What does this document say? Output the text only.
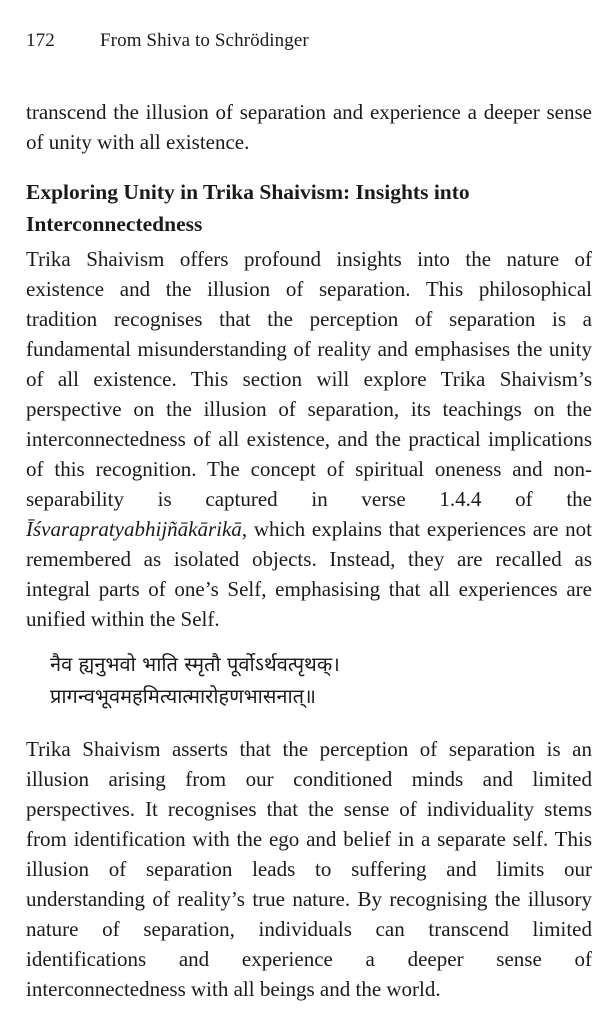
172 From Shiva to Schrödinger

transcend the illusion of separation and experience a deeper sense of unity with all existence.

Exploring Unity in Trika Shaivism: Insights into Interconnectedness

Trika Shaivism offers profound insights into the nature of existence and the illusion of separation. This philosophical tradition recognises that the perception of separation is a fundamental misunderstanding of reality and emphasises the unity of all existence. This section will explore Trika Shaivism’s perspective on the illusion of separation, its teachings on the interconnectedness of all existence, and the practical implications of this recognition. The concept of spiritual oneness and non-separability is captured in verse 1.4.4 of the Īśvarapratyabhijñākārikā, which explains that experiences are not remembered as isolated objects. Instead, they are recalled as integral parts of one’s Self, emphasising that all experiences are unified within the Self.

नैव ह्यनुभवो भाति स्मृतौ पूर्वोऽर्थवत्पृथक्।
प्रागन्वभूवमहमित्यात्मारोहणभासनात्॥

Trika Shaivism asserts that the perception of separation is an illusion arising from our conditioned minds and limited perspectives. It recognises that the sense of individuality stems from identification with the ego and belief in a separate self. This illusion of separation leads to suffering and limits our understanding of reality’s true nature. By recognising the illusory nature of separation, individuals can transcend limited identifications and experience a deeper sense of interconnectedness with all beings and the world.
